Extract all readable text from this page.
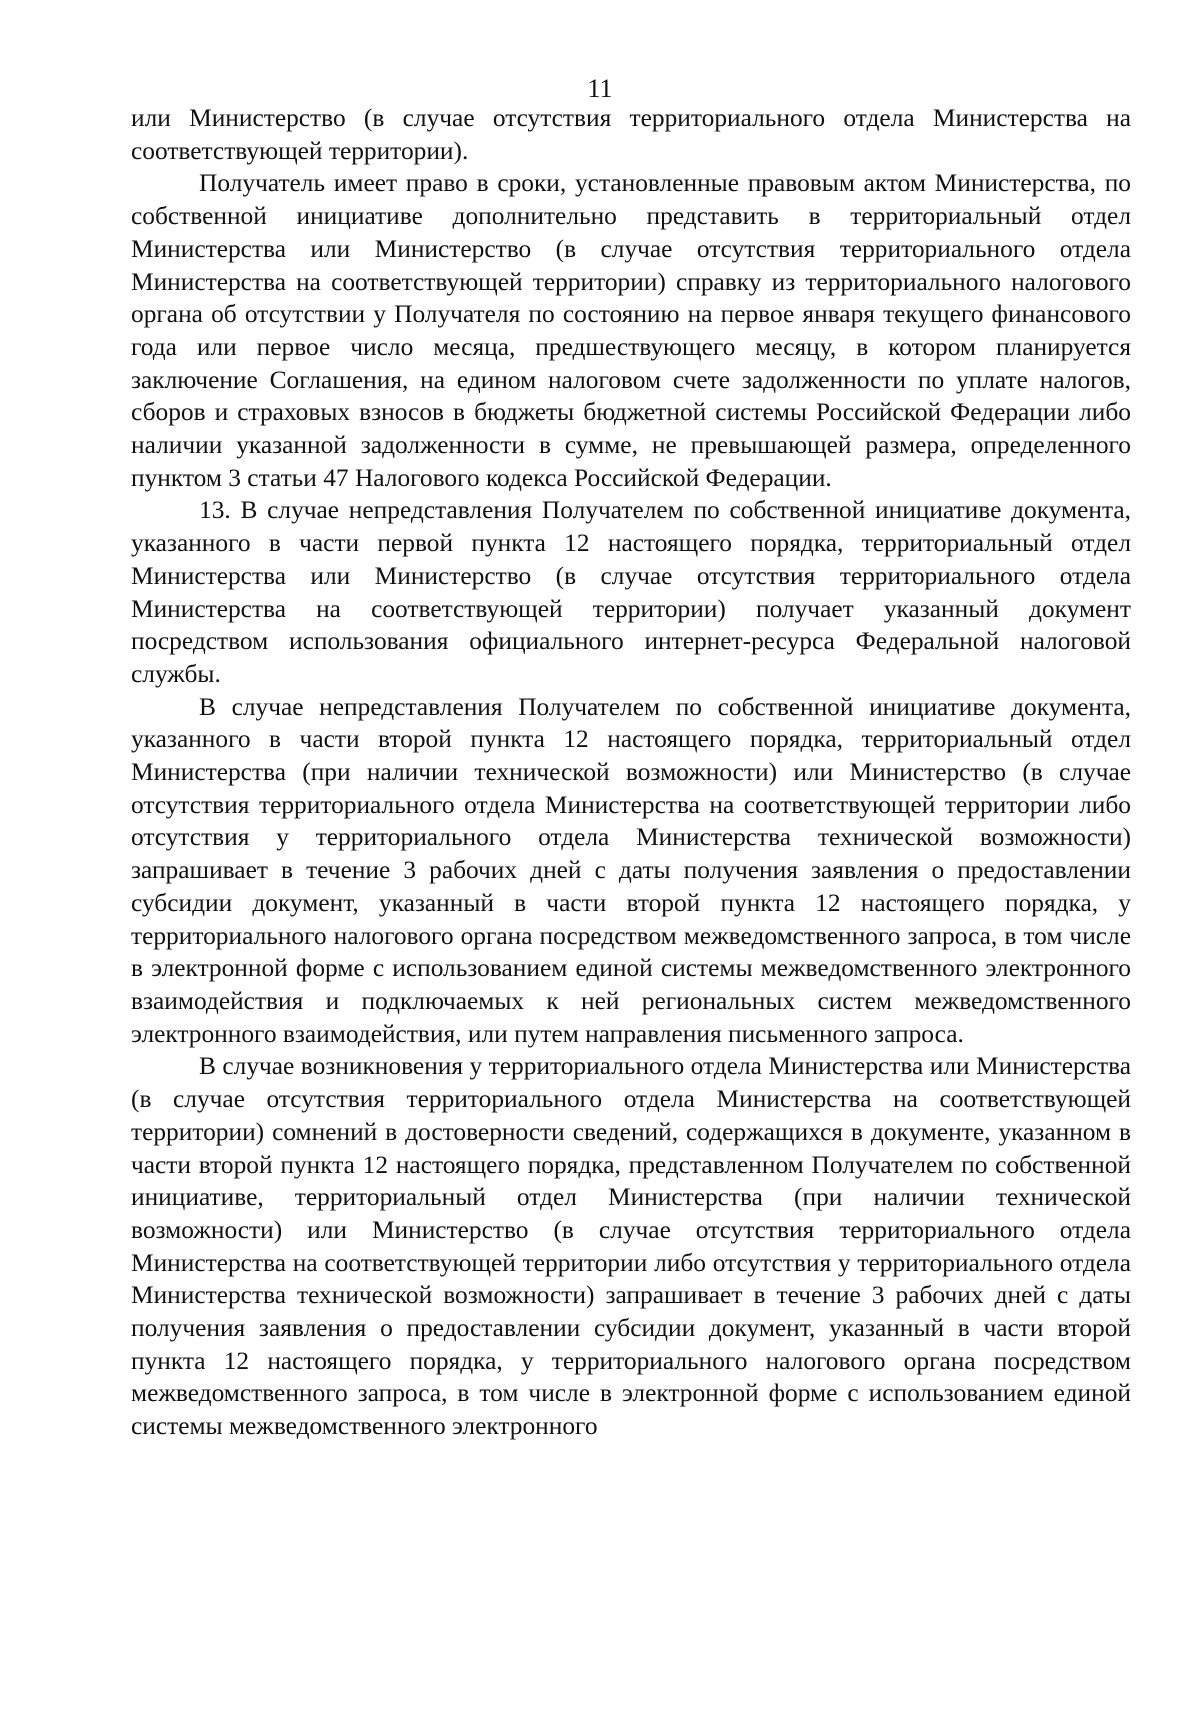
11

или Министерство (в случае отсутствия территориального отдела Министерства на соответствующей территории).

Получатель имеет право в сроки, установленные правовым актом Министерства, по собственной инициативе дополнительно представить в территориальный отдел Министерства или Министерство (в случае отсутствия территориального отдела Министерства на соответствующей территории) справку из территориального налогового органа об отсутствии у Получателя по состоянию на первое января текущего финансового года или первое число месяца, предшествующего месяцу, в котором планируется заключение Соглашения, на едином налоговом счете задолженности по уплате налогов, сборов и страховых взносов в бюджеты бюджетной системы Российской Федерации либо наличии указанной задолженности в сумме, не превышающей размера, определенного пунктом 3 статьи 47 Налогового кодекса Российской Федерации.

13. В случае непредставления Получателем по собственной инициативе документа, указанного в части первой пункта 12 настоящего порядка, территориальный отдел Министерства или Министерство (в случае отсутствия территориального отдела Министерства на соответствующей территории) получает указанный документ посредством использования официального интернет-ресурса Федеральной налоговой службы.

В случае непредставления Получателем по собственной инициативе документа, указанного в части второй пункта 12 настоящего порядка, территориальный отдел Министерства (при наличии технической возможности) или Министерство (в случае отсутствия территориального отдела Министерства на соответствующей территории либо отсутствия у территориального отдела Министерства технической возможности) запрашивает в течение 3 рабочих дней с даты получения заявления о предоставлении субсидии документ, указанный в части второй пункта 12 настоящего порядка, у территориального налогового органа посредством межведомственного запроса, в том числе в электронной форме с использованием единой системы межведомственного электронного взаимодействия и подключаемых к ней региональных систем межведомственного электронного взаимодействия, или путем направления письменного запроса.

В случае возникновения у территориального отдела Министерства или Министерства (в случае отсутствия территориального отдела Министерства на соответствующей территории) сомнений в достоверности сведений, содержащихся в документе, указанном в части второй пункта 12 настоящего порядка, представленном Получателем по собственной инициативе, территориальный отдел Министерства (при наличии технической возможности) или Министерство (в случае отсутствия территориального отдела Министерства на соответствующей территории либо отсутствия у территориального отдела Министерства технической возможности) запрашивает в течение 3 рабочих дней с даты получения заявления о предоставлении субсидии документ, указанный в части второй пункта 12 настоящего порядка, у территориального налогового органа посредством межведомственного запроса, в том числе в электронной форме с использованием единой системы межведомственного электронного
